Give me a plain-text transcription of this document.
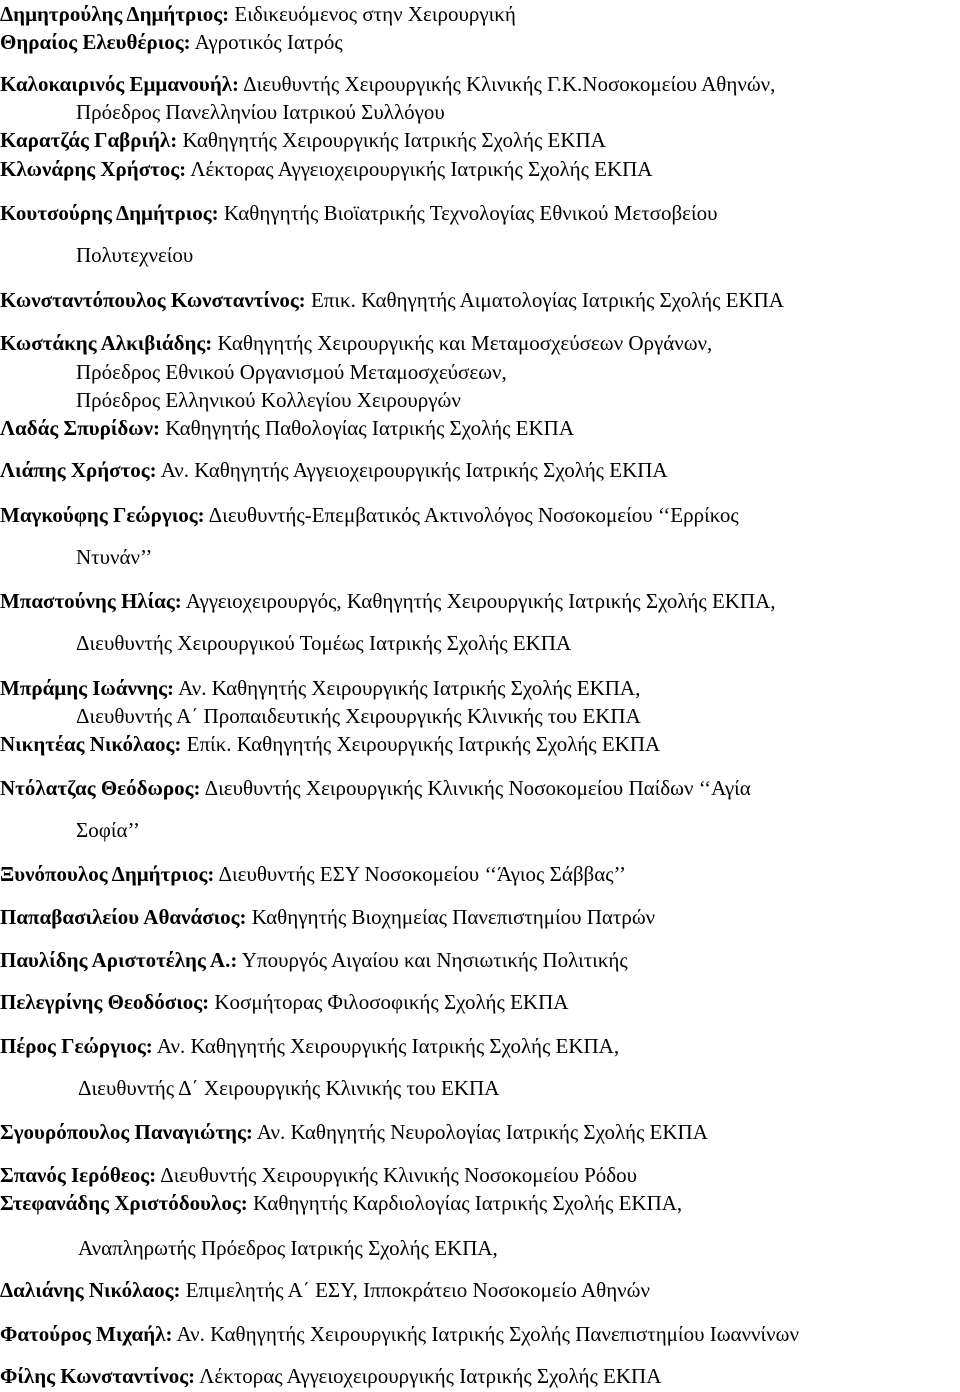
Δημητρούλης Δημήτριος: Ειδικευόμενος στην Χειρουργική
Θηραίος Ελευθέριος: Αγροτικός Ιατρός
Καλοκαιρινός Εμμανουήλ: Διευθυντής Χειρουργικής Κλινικής Γ.Κ.Νοσοκομείου Αθηνών,
Πρόεδρος Πανελληνίου Ιατρικού Συλλόγου
Καρατζάς Γαβριήλ: Καθηγητής Χειρουργικής Ιατρικής Σχολής ΕΚΠΑ
Κλωνάρης Χρήστος: Λέκτορας Αγγειοχειρουργικής Ιατρικής Σχολής ΕΚΠΑ
Κουτσούρης Δημήτριος: Καθηγητής Βιοϊατρικής Τεχνολογίας Εθνικού Μετσοβείου
Πολυτεχνείου
Κωνσταντόπουλος Κωνσταντίνος: Επικ. Καθηγητής Αιματολογίας Ιατρικής Σχολής ΕΚΠΑ
Κωστάκης Αλκιβιάδης: Καθηγητής Χειρουργικής και Μεταμοσχεύσεων Οργάνων,
Πρόεδρος Εθνικού Οργανισμού Μεταμοσχεύσεων,
Πρόεδρος Ελληνικού Κολλεγίου Χειρουργών
Λαδάς Σπυρίδων: Καθηγητής Παθολογίας Ιατρικής Σχολής ΕΚΠΑ
Λιάπης Χρήστος: Αν. Καθηγητής Αγγειοχειρουργικής Ιατρικής Σχολής ΕΚΠΑ
Μαγκούφης Γεώργιος: Διευθυντής-Επεμβατικός Ακτινολόγος Νοσοκομείου ‘‘Ερρίκος
Ντυνάν’’
Μπαστούνης Ηλίας: Αγγειοχειρουργός, Καθηγητής Χειρουργικής Ιατρικής Σχολής ΕΚΠΑ,
Διευθυντής Χειρουργικού Τομέως Ιατρικής Σχολής ΕΚΠΑ
Μπράμης Ιωάννης: Αν. Καθηγητής Χειρουργικής Ιατρικής Σχολής ΕΚΠΑ,
Διευθυντής Α΄ Προπαιδευτικής Χειρουργικής Κλινικής του ΕΚΠΑ
Νικητέας Νικόλαος: Επίκ. Καθηγητής Χειρουργικής Ιατρικής Σχολής ΕΚΠΑ
Ντόλατζας Θεόδωρος: Διευθυντής Χειρουργικής Κλινικής Νοσοκομείου Παίδων ‘‘Αγία
Σοφία’’
Ξυνόπουλος Δημήτριος: Διευθυντής ΕΣΥ Νοσοκομείου ‘‘Άγιος Σάββας’’
Παπαβασιλείου Αθανάσιος: Καθηγητής Βιοχημείας Πανεπιστημίου Πατρών
Παυλίδης Αριστοτέλης Α.: Υπουργός Αιγαίου και Νησιωτικής Πολιτικής
Πελεγρίνης Θεοδόσιος: Κοσμήτορας Φιλοσοφικής Σχολής ΕΚΠΑ
Πέρος Γεώργιος: Αν. Καθηγητής Χειρουργικής Ιατρικής Σχολής ΕΚΠΑ,
Διευθυντής Δ΄ Χειρουργικής Κλινικής του ΕΚΠΑ
Σγουρόπουλος Παναγιώτης: Αν. Καθηγητής Νευρολογίας Ιατρικής Σχολής ΕΚΠΑ
Σπανός Ιερόθεος: Διευθυντής Χειρουργικής Κλινικής Νοσοκομείου Ρόδου
Στεφανάδης Χριστόδουλος: Καθηγητής Καρδιολογίας Ιατρικής Σχολής ΕΚΠΑ,
Αναπληρωτής Πρόεδρος Ιατρικής Σχολής ΕΚΠΑ,
Δαλιάνης Νικόλαος: Επιμελητής Α΄ ΕΣΥ, Ιπποκράτειο Νοσοκομείο Αθηνών
Φατούρος Μιχαήλ: Αν. Καθηγητής Χειρουργικής Ιατρικής Σχολής Πανεπιστημίου Ιωαννίνων
Φίλης Κωνσταντίνος: Λέκτορας Αγγειοχειρουργικής Ιατρικής Σχολής ΕΚΠΑ
